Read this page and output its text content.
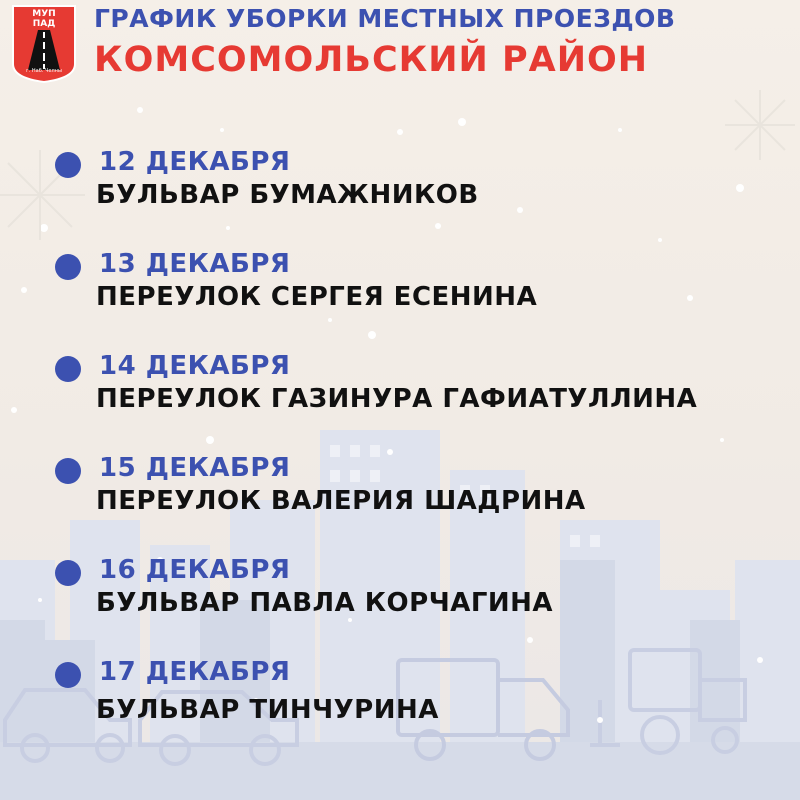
МУП
ПАД
г. Наб. Челны
ГРАФИК УБОРКИ МЕСТНЫХ ПРОЕЗДОВ
КОМСОМОЛЬСКИЙ РАЙОН
12 ДЕКАБРЯ
БУЛЬВАР БУМАЖНИКОВ
13 ДЕКАБРЯ
ПЕРЕУЛОК СЕРГЕЯ ЕСЕНИНА
14 ДЕКАБРЯ
ПЕРЕУЛОК ГАЗИНУРА ГАФИАТУЛЛИНА
15 ДЕКАБРЯ
ПЕРЕУЛОК ВАЛЕРИЯ ШАДРИНА
16 ДЕКАБРЯ
БУЛЬВАР ПАВЛА КОРЧАГИНА
17 ДЕКАБРЯ
БУЛЬВАР ТИНЧУРИНА
